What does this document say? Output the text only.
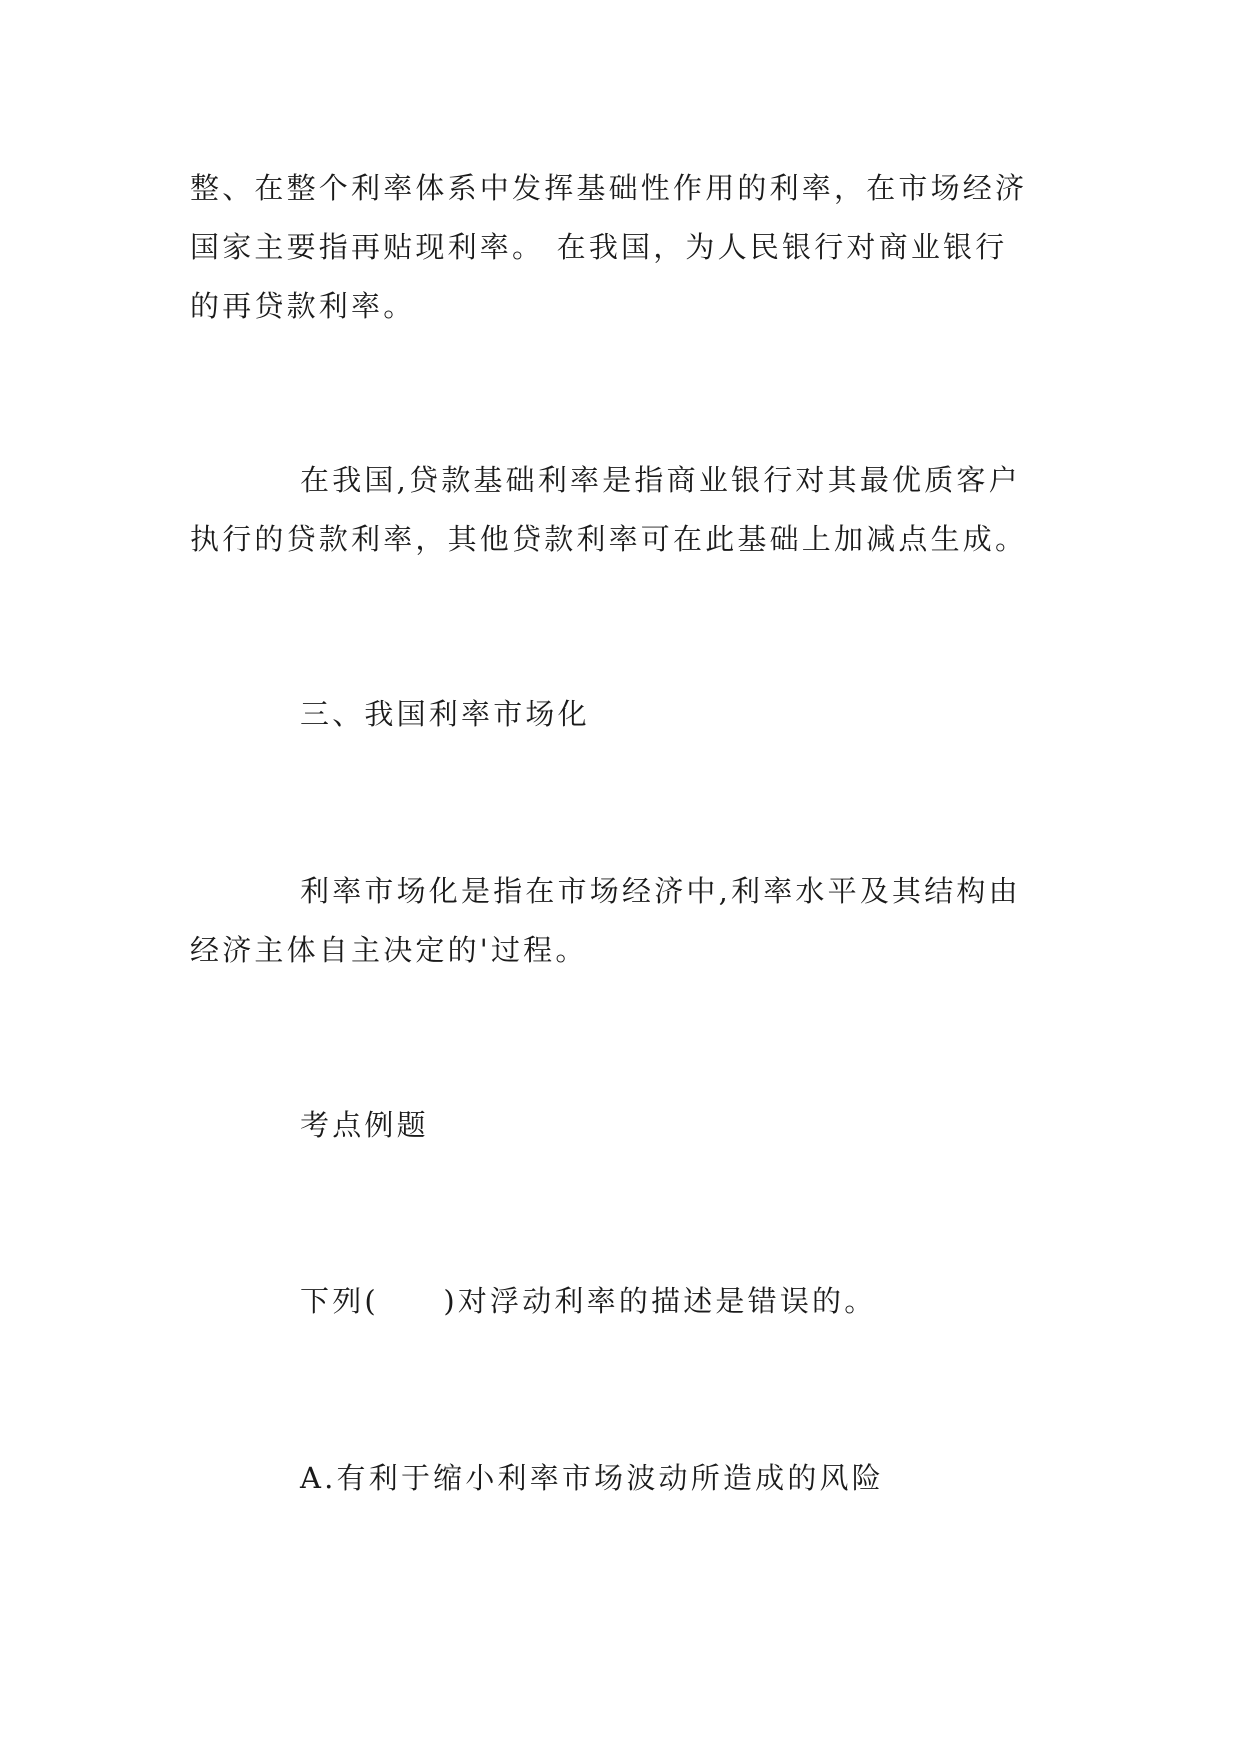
整、在整个利率体系中发挥基础性作用的利率，在市场经济
国家主要指再贴现利率。 在我国，为人民银行对商业银行
的再贷款利率。
在我国,贷款基础利率是指商业银行对其最优质客户
执行的贷款利率，其他贷款利率可在此基础上加减点生成。
三、我国利率市场化
利率市场化是指在市场经济中,利率水平及其结构由
经济主体自主决定的'过程。
考点例题
下列(　　)对浮动利率的描述是错误的。
A.有利于缩小利率市场波动所造成的风险
